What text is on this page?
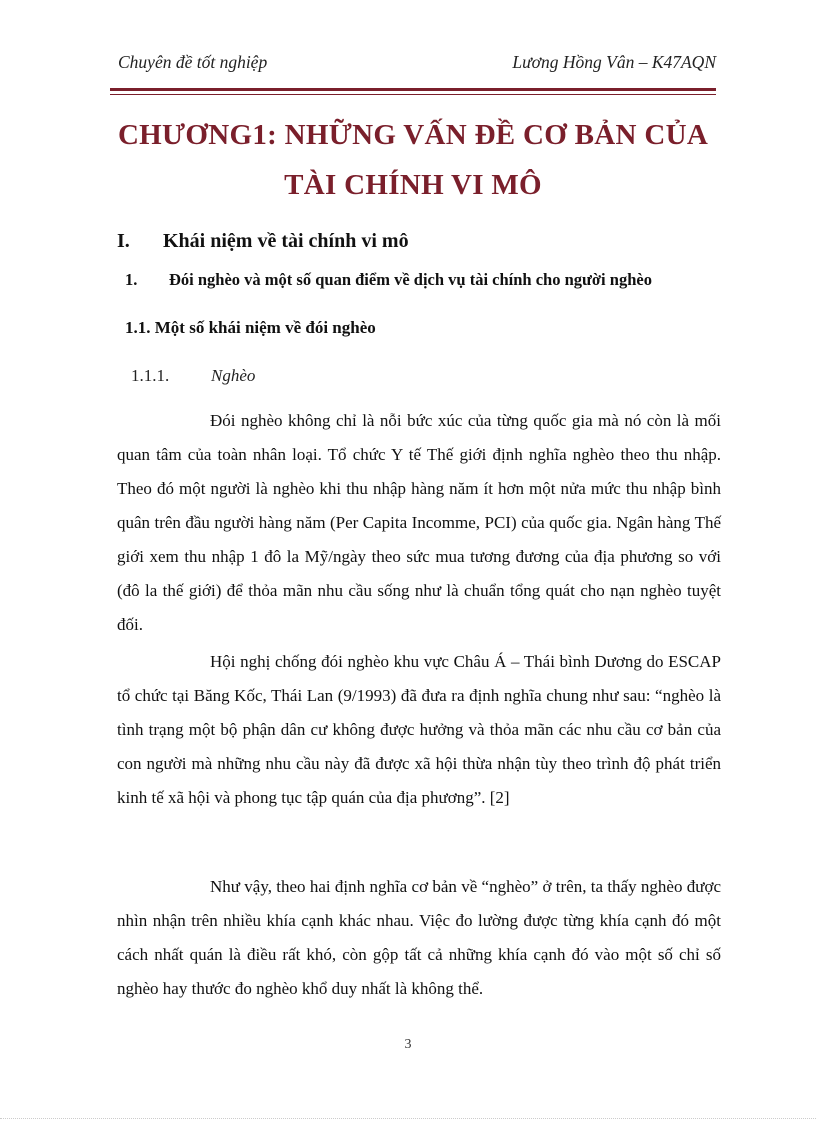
Chuyên đề tốt nghiệp	Lương Hồng Vân – K47AQN
CHƯƠNG1: NHỮNG VẤN ĐỀ CƠ BẢN CỦA
TÀI CHÍNH VI MÔ
I. Khái niệm về tài chính vi mô
1. Đói nghèo và một số quan điểm về dịch vụ tài chính cho người nghèo
1.1. Một số khái niệm về đói nghèo
1.1.1. Nghèo

Đói nghèo không chỉ là nỗi bức xúc của từng quốc gia mà nó còn là mối quan tâm của toàn nhân loại. Tổ chức Y tế Thế giới định nghĩa nghèo theo thu nhập. Theo đó một người là nghèo khi thu nhập hàng năm ít hơn một nửa mức thu nhập bình quân trên đầu người hàng năm (Per Capita Incomme, PCI) của quốc gia. Ngân hàng Thế giới xem thu nhập 1 đô la Mỹ/ngày theo sức mua tương đương của địa phương so với (đô la thế giới) để thỏa mãn nhu cầu sống như là chuẩn tổng quát cho nạn nghèo tuyệt đối.

Hội nghị chống đói nghèo khu vực Châu Á – Thái bình Dương do ESCAP tổ chức tại Băng Kốc, Thái Lan (9/1993) đã đưa ra định nghĩa chung như sau: “nghèo là tình trạng một bộ phận dân cư không được hưởng và thỏa mãn các nhu cầu cơ bản của con người mà những nhu cầu này đã được xã hội thừa nhận tùy theo trình độ phát triển kinh tế xã hội và phong tục tập quán của địa phương”. [2]

Như vậy, theo hai định nghĩa cơ bản về “nghèo” ở trên, ta thấy nghèo được nhìn nhận trên nhiều khía cạnh khác nhau. Việc đo lường được từng khía cạnh đó một cách nhất quán là điều rất khó, còn gộp tất cả những khía cạnh đó vào một số chỉ số nghèo hay thước đo nghèo khổ duy nhất là không thể.

3
